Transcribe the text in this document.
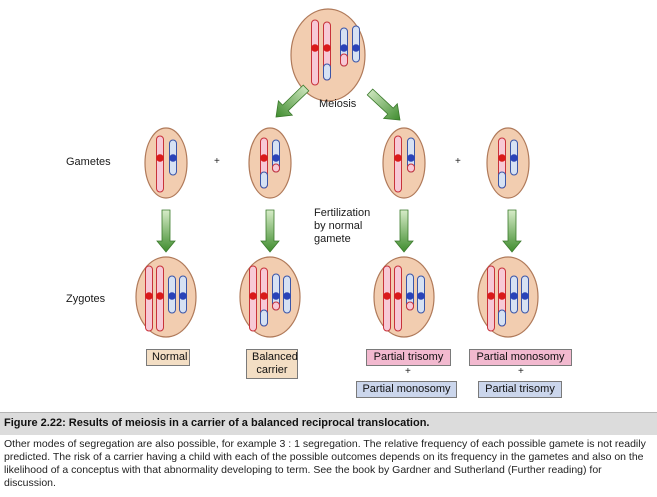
Meiosis
Gametes
Zygotes
Fertilization
by normal
gamete
+	+
Normal	Balanced
carrier
Partial trisomy
+
Partial monosomy
Partial monosomy
+
Partial trisomy
Figure 2.22: Results of meiosis in a carrier of a balanced reciprocal translocation.
Other modes of segregation are also possible, for example 3 : 1 segregation. The relative frequency of each possible gamete is not readily predicted. The risk of a carrier having a child with each of the possible outcomes depends on its frequency in the gametes and also on the likelihood of a conceptus with that abnormality developing to term. See the book by Gardner and Sutherland (Further reading) for discussion.
